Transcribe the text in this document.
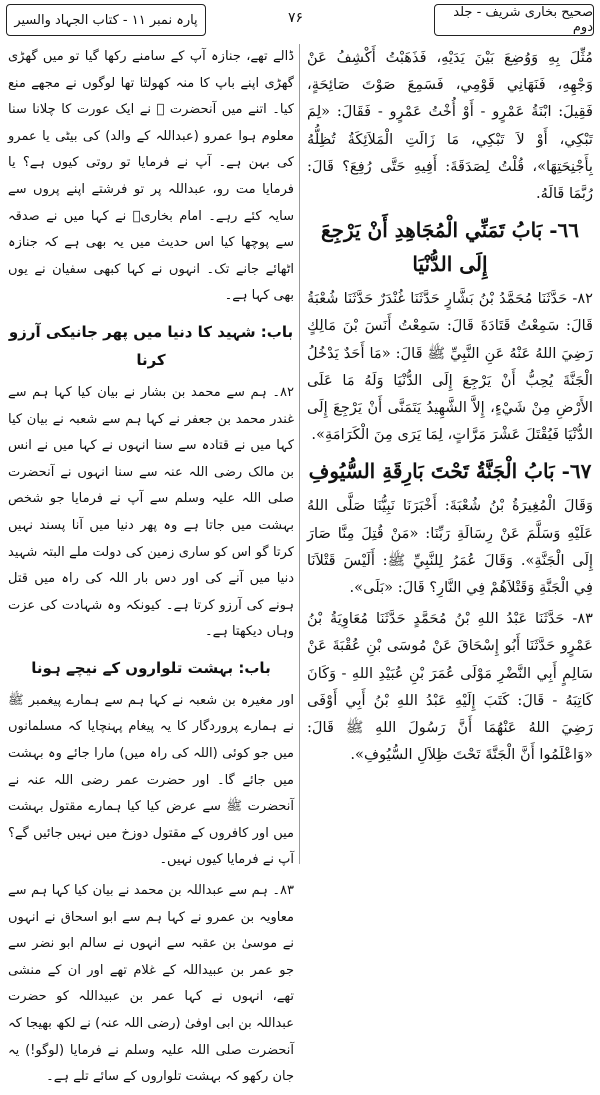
صحیح بخاری شریف - جلد دوم
۷۶
پارہ نمبر ۱۱ - کتاب الجہاد والسیر

مُثِّلَ بِهِ وَوُضِعَ بَيْنَ يَدَيْهِ، فَذَهَبْتُ أَكْشِفُ عَنْ وَجْهِهِ، فَنَهَانِي قَوْمِي، فَسَمِعَ صَوْتَ صَائِحَةٍ، فَقِيلَ: ابْنَةُ عَمْرٍو - أَوْ أُخْتُ عَمْرٍو - فَقَالَ: «لِمَ تَبْكِي، أَوْ لاَ تَبْكِي، مَا زَالَتِ الْمَلاَئِكَةُ تُظِلُّهُ بِأَجْنِحَتِهَا»، قُلْتُ لِصَدَقَةَ: أَفِيهِ حَتَّى رُفِعَ؟ قَالَ: رُبَّمَا قَالَهُ.

٦٦- بَابُ تَمَنِّي الْمُجَاهِدِ أَنْ يَرْجِعَ إِلَى الدُّنْيَا

٨٢- حَدَّثَنَا مُحَمَّدُ بْنُ بَشَّارٍ حَدَّثَنَا غُنْدَرٌ حَدَّثَنَا شُعْبَةُ قَالَ: سَمِعْتُ قَتَادَةَ قَالَ: سَمِعْتُ أَنَسَ بْنَ مَالِكٍ رَضِيَ اللهُ عَنْهُ عَنِ النَّبِيِّ ﷺ قَالَ: «مَا أَحَدٌ يَدْخُلُ الْجَنَّةَ يُحِبُّ أَنْ يَرْجِعَ إِلَى الدُّنْيَا وَلَهُ مَا عَلَى الأَرْضِ مِنْ شَيْءٍ، إِلاَّ الشَّهِيدُ يَتَمَنَّى أَنْ يَرْجِعَ إِلَى الدُّنْيَا فَيُقْتَلَ عَشْرَ مَرَّاتٍ، لِمَا يَرَى مِنَ الْكَرَامَةِ».

٦٧- بَابُ الْجَنَّةُ تَحْتَ بَارِقَةِ السُّيُوفِ

وَقَالَ الْمُغِيرَةُ بْنُ شُعْبَةَ: أَخْبَرَنَا نَبِيُّنَا صَلَّى اللهُ عَلَيْهِ وَسَلَّمَ عَنْ رِسَالَةِ رَبِّنَا: «مَنْ قُتِلَ مِنَّا صَارَ إِلَى الْجَنَّةِ». وَقَالَ عُمَرُ لِلنَّبِيِّ ﷺ: أَلَيْسَ قَتْلاَنَا فِي الْجَنَّةِ وَقَتْلاَهُمْ فِي النَّارِ؟ قَالَ: «بَلَى».

٨٣- حَدَّثَنَا عَبْدُ اللهِ بْنُ مُحَمَّدٍ حَدَّثَنَا مُعَاوِيَةُ بْنُ عَمْرٍو حَدَّثَنَا أَبُو إِسْحَاقَ عَنْ مُوسَى بْنِ عُقْبَةَ عَنْ سَالِمٍ أَبِي النَّضْرِ مَوْلَى عُمَرَ بْنِ عُبَيْدِ اللهِ - وَكَانَ كَاتِبَهُ - قَالَ: كَتَبَ إِلَيْهِ عَبْدُ اللهِ بْنُ أَبِي أَوْفَى رَضِيَ اللهُ عَنْهُمَا أَنَّ رَسُولَ اللهِ ﷺ قَالَ: «وَاعْلَمُوا أَنَّ الْجَنَّةَ تَحْتَ ظِلاَلِ السُّيُوفِ».

ڈالے تھے، جنازہ آپ کے سامنے رکھا گیا تو میں گھڑی گھڑی اپنے باپ کا منہ کھولتا تھا لوگوں نے مجھے منع کیا۔ اتنے میں آنحضرت ﷺ نے ایک عورت کا چلانا سنا معلوم ہوا عمرو (عبداللہ کے والد) کی بیٹی یا عمرو کی بہن ہے۔ آپ نے فرمایا تو روتی کیوں ہے؟ یا فرمایا مت رو، عبداللہ پر تو فرشتے اپنے پروں سے سایہ کئے رہے۔ امام بخاریؒ نے کہا میں نے صدقہ سے پوچھا کیا اس حدیث میں یہ بھی ہے کہ جنازہ اٹھائے جانے تک۔ انہوں نے کہا کبھی سفیان نے یوں بھی کہا ہے۔

باب: شہید کا دنیا میں پھر جانیکی آرزو کرنا

۸۲۔ ہم سے محمد بن بشار نے بیان کیا کہا ہم سے غندر محمد بن جعفر نے کہا ہم سے شعبہ نے بیان کیا کہا میں نے قتادہ سے سنا انہوں نے کہا میں نے انس بن مالک رضی اللہ عنہ سے سنا انہوں نے آنحضرت صلی اللہ علیہ وسلم سے آپ نے فرمایا جو شخص بہشت میں جاتا ہے وہ پھر دنیا میں آنا پسند نہیں کرتا گو اس کو ساری زمین کی دولت ملے البتہ شہید دنیا میں آنے کی اور دس بار اللہ کی راہ میں قتل ہونے کی آرزو کرتا ہے۔ کیونکہ وہ شہادت کی عزت وہاں دیکھتا ہے۔

باب: بہشت تلواروں کے نیچے ہونا

اور مغیرہ بن شعبہ نے کہا ہم سے ہمارے پیغمبر ﷺ نے ہمارے پروردگار کا یہ پیغام پہنچایا کہ مسلمانوں میں جو کوئی (اللہ کی راہ میں) مارا جائے وہ بہشت میں جائے گا۔ اور حضرت عمر رضی اللہ عنہ نے آنحضرت ﷺ سے عرض کیا کیا ہمارے مقتول بہشت میں اور کافروں کے مقتول دوزخ میں نہیں جائیں گے؟ آپ نے فرمایا کیوں نہیں۔

۸۳۔ ہم سے عبداللہ بن محمد نے بیان کیا کہا ہم سے معاویہ بن عمرو نے کہا ہم سے ابو اسحاق نے انہوں نے موسیٰ بن عقبہ سے انہوں نے سالم ابو نضر سے جو عمر بن عبیداللہ کے غلام تھے اور ان کے منشی تھے، انہوں نے کہا عمر بن عبیداللہ کو حضرت عبداللہ بن ابی اوفیٰ (رضی اللہ عنہ) نے لکھ بھیجا کہ آنحضرت صلی اللہ علیہ وسلم نے فرمایا (لوگو!) یہ جان رکھو کہ بہشت تلواروں کے سائے تلے ہے۔
